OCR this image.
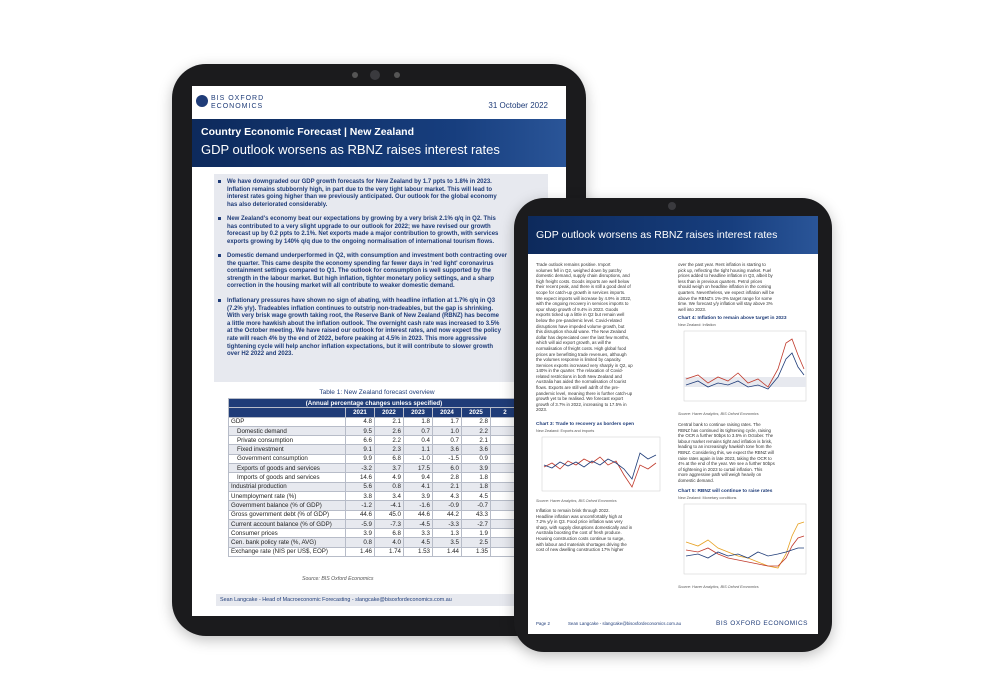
BIS OXFORD
ECONOMICS	31 October 2022
Country Economic Forecast | New Zealand
GDP outlook worsens as RBNZ raises interest rates
We have downgraded our GDP growth forecasts for New Zealand by 1.7 ppts to 1.8% in 2023.
Inflation remains stubbornly high, in part due to the very tight labour market. This will lead to
interest rates going higher than we previously anticipated. Our outlook for the global economy
has also deteriorated considerably.
New Zealand's economy beat our expectations by growing by a very brisk 2.1% q/q in Q2. This
has contributed to a very slight upgrade to our outlook for 2022; we have revised our growth
forecast up by 0.2 ppts to 2.1%. Net exports made a major contribution to growth, with services
exports growing by 140% q/q due to the ongoing normalisation of international tourism flows.
Domestic demand underperformed in Q2, with consumption and investment both contracting over
the quarter. This came despite the economy spending far fewer days in 'red light' coronavirus
containment settings compared to Q1. The outlook for consumption is well supported by the
strength in the labour market. But high inflation, tighter monetary policy settings, and a sharp
correction in the housing market will all contribute to weaker domestic demand.
Inflationary pressures have shown no sign of abating, with headline inflation at 1.7% q/q in Q3
(7.2% y/y). Tradeables inflation continues to outstrip non-tradeables, but the gap is shrinking.
With very brisk wage growth taking root, the Reserve Bank of New Zealand (RBNZ) has become
a little more hawkish about the inflation outlook. The overnight cash rate was increased to 3.5%
at the October meeting. We have raised our outlook for interest rates, and now expect the policy
rate will reach 4% by the end of 2022, before peaking at 4.5% in 2023. This more aggressive
tightening cycle will help anchor inflation expectations, but it will contribute to slower growth
over H2 2022 and 2023.
Table 1: New Zealand forecast overview
(Annual percentage changes unless specified)						
	2021	2022	2023	2024	2025	2
GDP	4.8	2.1	1.8	1.7	2.8	
Domestic demand	9.5	2.6	0.7	1.0	2.2	
Private consumption	6.6	2.2	0.4	0.7	2.1	
Fixed investment	9.1	2.3	1.1	3.6	3.6	
Government consumption	9.9	6.8	-1.0	-1.5	0.9	
Exports of goods and services	-3.2	3.7	17.5	6.0	3.9	
Imports of goods and services	14.6	4.9	9.4	2.8	1.8	
Industrial production	5.6	0.8	4.1	2.1	1.8	
Unemployment rate (%)	3.8	3.4	3.9	4.3	4.5	
Government balance (% of GDP)	-1.2	-4.1	-1.6	-0.9	-0.7	
Gross government debt (% of GDP)	44.6	45.0	44.6	44.2	43.3	
Current account balance (% of GDP)	-5.9	-7.3	-4.5	-3.3	-2.7	
Consumer prices	3.9	6.8	3.3	1.3	1.9	
Cen. bank policy rate (%, AVG)	0.8	4.0	4.5	3.5	2.5	
Exchange rate (NIS per US$, EOP)	1.46	1.74	1.53	1.44	1.35	
Source: BIS Oxford Economics
Sean Langcake - Head of Macroeconomic Forecasting - slangcake@bisoxfordeconomics.com.au
GDP outlook worsens as RBNZ raises interest rates
Trade outlook remains positive. Import
volumes fell in Q2, weighed down by patchy
domestic demand, supply chain disruptions, and
high freight costs. Goods imports are well below
their recent peak, and there is still a good deal of
scope for catch-up growth in services imports.
We expect imports will increase by 4.9% in 2022,
with the ongoing recovery in services imports to
spur sharp growth of 9.4% in 2023. Goods
exports ticked up a little in Q2 but remain well
below the pre-pandemic level. Covid-related
disruptions have impeded volume growth, but
this disruption should wane. The New Zealand
dollar has depreciated over the last few months,
which will aid export growth, as will the
normalisation of freight costs. High global food
prices are benefitting trade revenues, although
the volumes response is limited by capacity.
Services exports increased very sharply in Q2, up
140% in the quarter. The relaxation of Covid-
related restrictions in both New Zealand and
Australia has aided the normalisation of tourist
flows. Exports are still well adrift of the pre-
pandemic level, meaning there is further catch-up
growth yet to be realised. We forecast export
growth of 3.7% in 2022, increasing to 17.5% in
2023.
Chart 3: Trade to recovery as borders open
New Zealand: Exports and imports
Source: Haver Analytics, BIS Oxford Economics
Inflation to remain brisk through 2022.
Headline inflation was uncomfortably high at
7.2% y/y in Q3. Food price inflation was very
sharp, with supply disruptions domestically and in
Australia boosting the cost of fresh produce.
Housing construction costs continue to surge,
with labour and materials shortages driving the
cost of new dwelling construction 17% higher
over the past year. Rent inflation is starting to
pick up, reflecting the tight housing market. Fuel
prices added to headline inflation in Q3, albeit by
less than in previous quarters. Petrol prices
should weigh on headline inflation in the coming
quarters. Nevertheless, we expect inflation will be
above the RBNZ's 1%-3% target range for some
time. We forecast y/y inflation will stay above 3%
well into 2023.
Chart 4: Inflation to remain above target in 2023
New Zealand: Inflation
Source: Haver Analytics, BIS Oxford Economics
Central bank to continue raising rates. The
RBNZ has continued its tightening cycle, raising
the OCR a further 50bps to 3.5% in October. The
labour market remains tight and inflation is brisk,
leading to an increasingly hawkish tone from the
RBNZ. Considering this, we expect the RBNZ will
raise rates again in late 2023, taking the OCR to
4% at the end of the year. We see a further 50bps
of tightening in 2023 to curtail inflation. This
more aggressive path will weigh heavily on
domestic demand.
Chart 5: RBNZ will continue to raise rates
New Zealand: Monetary conditions
Source: Haver Analytics, BIS Oxford Economics
Page 2	Sean Langcake - slangcake@bisoxfordeconomics.com.au	BIS OXFORD ECONOMICS
